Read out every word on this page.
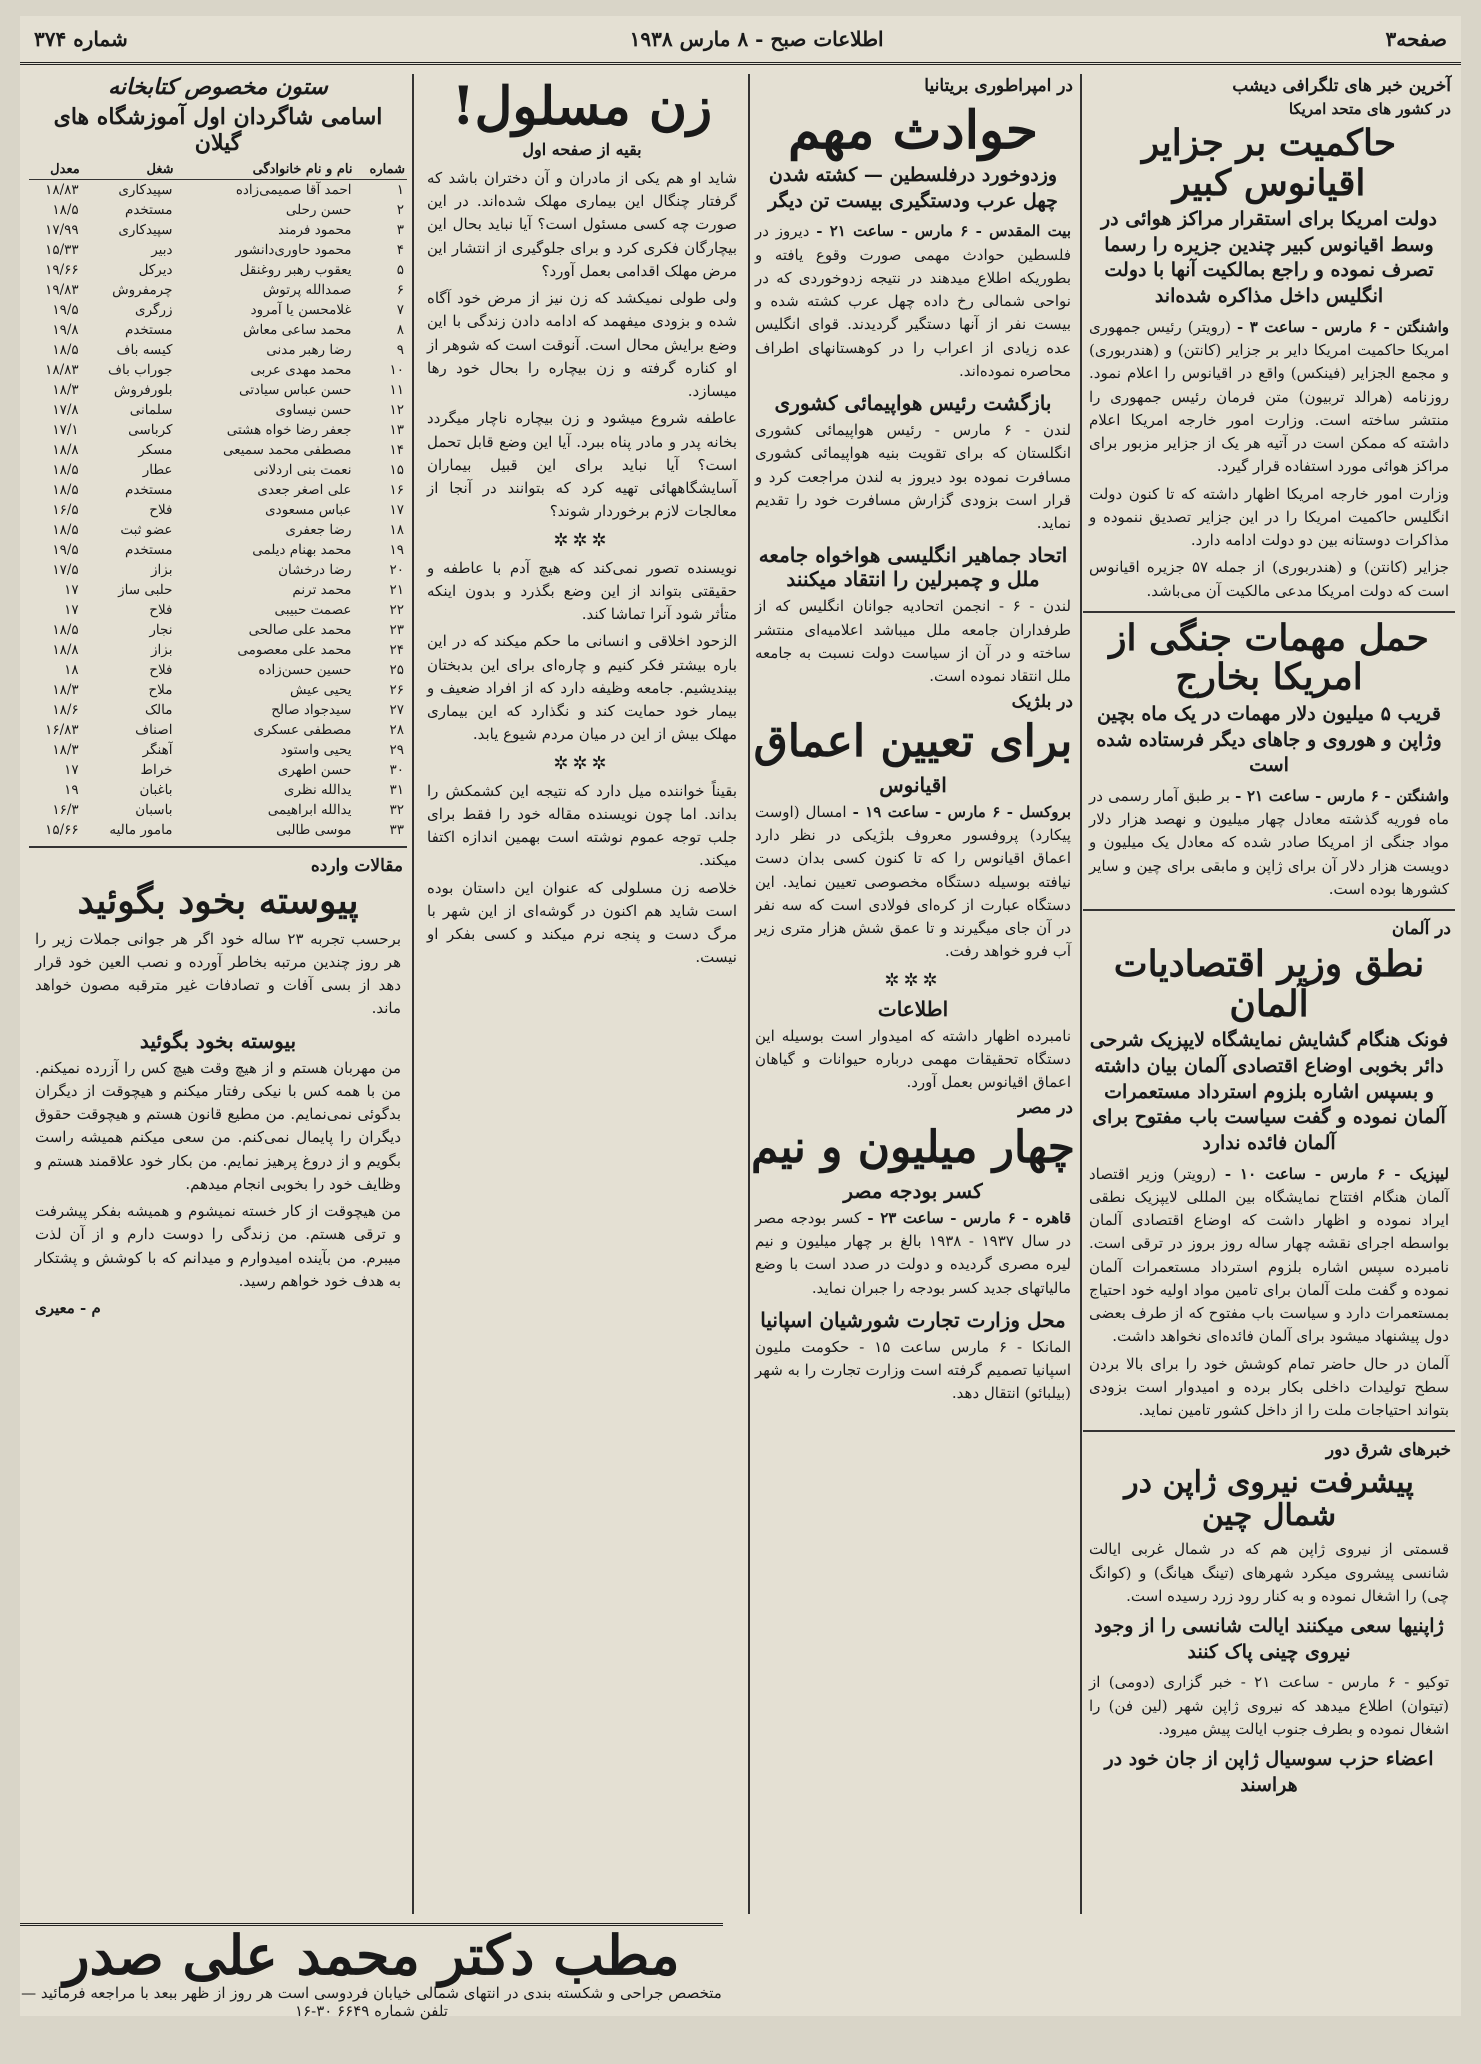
صفحه۳
اطلاعات صبح - ۸ مارس ۱۹۳۸
شماره ۳۷۴
آخرین خبر های تلگرافی دیشب
در کشور های متحد امریکا
حاکمیت بر جزایر اقیانوس کبیر
دولت امریکا برای استقرار مراکز هوائی در وسط اقیانوس کبیر چندین جزیره را رسما تصرف نموده و راجع بمالکیت آنها با دولت انگلیس داخل مذاکره شده‌اند
واشنگتن - ۶ مارس - ساعت ۳ - (رویتر) رئیس جمهوری امریکا حاکمیت امریکا دایر بر جزایر (کانتن) و (هندربوری) و مجمع الجزایر (فینکس) واقع در اقیانوس را اعلام نمود. روزنامه (هرالد تربیون) متن فرمان رئیس جمهوری را منتشر ساخته است. وزارت امور خارجه امریکا اعلام داشته که ممکن است در آتیه هر یک از جزایر مزبور برای مراکز هوائی مورد استفاده قرار گیرد.
وزارت امور خارجه امریکا اظهار داشته که تا کنون دولت انگلیس حاکمیت امریکا را در این جزایر تصدیق ننموده و مذاکرات دوستانه بین دو دولت ادامه دارد.
جزایر (کانتن) و (هندربوری) از جمله ۵۷ جزیره اقیانوس است که دولت امریکا مدعی مالکیت آن می‌باشد.
حمل مهمات جنگی از امریکا بخارج
قریب ۵ میلیون دلار مهمات در یک ماه بچین وژاپن و هوروی و جاهای دیگر فرستاده شده است
واشنگتن - ۶ مارس - ساعت ۲۱ - بر طبق آمار رسمی در ماه فوریه گذشته معادل چهار میلیون و نهصد هزار دلار مواد جنگی از امریکا صادر شده که معادل یک میلیون و دویست هزار دلار آن برای ژاپن و مابقی برای چین و سایر کشورها بوده است.
در آلمان
نطق وزیر اقتصادیات آلمان
فونک هنگام گشایش نمایشگاه لایپزیک شرحی دائر بخوبی اوضاع اقتصادی آلمان بیان داشته و بسپس اشاره بلزوم استرداد مستعمرات آلمان نموده و گفت سیاست باب مفتوح برای آلمان فائده ندارد
لیپزیک - ۶ مارس - ساعت ۱۰ - (رویتر) وزیر اقتصاد آلمان هنگام افتتاح نمایشگاه بین المللی لایپزیک نطقی ایراد نموده و اظهار داشت که اوضاع اقتصادی آلمان بواسطه اجرای نقشه چهار ساله روز بروز در ترقی است. نامبرده سپس اشاره بلزوم استرداد مستعمرات آلمان نموده و گفت ملت آلمان برای تامین مواد اولیه خود احتیاج بمستعمرات دارد و سیاست باب مفتوح که از طرف بعضی دول پیشنهاد میشود برای آلمان فائده‌ای نخواهد داشت.
آلمان در حال حاضر تمام کوشش خود را برای بالا بردن سطح تولیدات داخلی بکار برده و امیدوار است بزودی بتواند احتیاجات ملت را از داخل کشور تامین نماید.
خبرهای شرق دور
پیشرفت نیروی ژاپن در شمال چین
قسمتی از نیروی ژاپن هم که در شمال غربی ایالت شانسی پیشروی میکرد شهرهای (تینگ هیانگ) و (کوانگ چی) را اشغال نموده و به کنار رود زرد رسیده است.
ژاپنیها سعی میکنند ایالت شانسی را از وجود نیروی چینی پاک کنند
توکیو - ۶ مارس - ساعت ۲۱ - خبر گزاری (دومی) از (تیتوان) اطلاع میدهد که نیروی ژاپن شهر (لین فن) را اشغال نموده و بطرف جنوب ایالت پیش میرود.
اعضاء حزب سوسیال ژاپن از جان خود در هراسند
در امپراطوری بریتانیا
حوادث مهم
وزدوخورد درفلسطین — کشته شدن چهل عرب ودستگیری بیست تن دیگر
بیت المقدس - ۶ مارس - ساعت ۲۱ - دیروز در فلسطین حوادث مهمی صورت وقوع یافته و بطوریکه اطلاع میدهند در نتیجه زدوخوردی که در نواحی شمالی رخ داده چهل عرب کشته شده و بیست نفر از آنها دستگیر گردیدند. قوای انگلیس عده زیادی از اعراب را در کوهستانهای اطراف محاصره نموده‌اند.
بازگشت رئیس هواپیمائی کشوری
لندن - ۶ مارس - رئیس هواپیمائی کشوری انگلستان که برای تقویت بنیه هواپیمائی کشوری مسافرت نموده بود دیروز به لندن مراجعت کرد و قرار است بزودی گزارش مسافرت خود را تقدیم نماید.
اتحاد جماهیر انگلیسی هواخواه جامعه ملل و چمبرلین را انتقاد میکنند
لندن - ۶ - انجمن اتحادیه جوانان انگلیس که از طرفداران جامعه ملل میباشد اعلامیه‌ای منتشر ساخته و در آن از سیاست دولت نسبت به جامعه ملل انتقاد نموده است.
در بلژیک
برای تعیین اعماق
اقیانوس
بروکسل - ۶ مارس - ساعت ۱۹ - امسال (اوست پیکارد) پروفسور معروف بلژیکی در نظر دارد اعماق اقیانوس را که تا کنون کسی بدان دست نیافته بوسیله دستگاه مخصوصی تعیین نماید. این دستگاه عبارت از کره‌ای فولادی است که سه نفر در آن جای میگیرند و تا عمق شش هزار متری زیر آب فرو خواهد رفت.
✲✲✲
اطلاعات
نامبرده اظهار داشته که امیدوار است بوسیله این دستگاه تحقیقات مهمی درباره حیوانات و گیاهان اعماق اقیانوس بعمل آورد.
در مصر
چهار میلیون و نیم
کسر بودجه مصر
قاهره - ۶ مارس - ساعت ۲۳ - کسر بودجه مصر در سال ۱۹۳۷ - ۱۹۳۸ بالغ بر چهار میلیون و نیم لیره مصری گردیده و دولت در صدد است با وضع مالیاتهای جدید کسر بودجه را جبران نماید.
محل وزارت تجارت شورشیان اسپانیا
المانکا - ۶ مارس ساعت ۱۵ - حکومت ملیون اسپانیا تصمیم گرفته است وزارت تجارت را به شهر (بیلبائو) انتقال دهد.
زن مسلول!
بقیه از صفحه اول
شاید او هم یکی از مادران و آن دختران باشد که گرفتار چنگال این بیماری مهلک شده‌اند. در این صورت چه کسی مسئول است؟ آیا نباید بحال این بیچارگان فکری کرد و برای جلوگیری از انتشار این مرض مهلک اقدامی بعمل آورد؟
ولی طولی نمیکشد که زن نیز از مرض خود آگاه شده و بزودی میفهمد که ادامه دادن زندگی با این وضع برایش محال است. آنوقت است که شوهر از او کناره گرفته و زن بیچاره را بحال خود رها میسازد.
عاطفه شروع میشود و زن بیچاره ناچار میگردد بخانه پدر و مادر پناه ببرد. آیا این وضع قابل تحمل است؟ آیا نباید برای این قبیل بیماران آسایشگاههائی تهیه کرد که بتوانند در آنجا از معالجات لازم برخوردار شوند؟
✲✲✲
نویسنده تصور نمی‌کند که هیچ آدم با عاطفه و حقیقتی بتواند از این وضع بگذرد و بدون اینکه متأثر شود آنرا تماشا کند.
الزحود اخلاقی و انسانی ما حکم میکند که در این باره بیشتر فکر کنیم و چاره‌ای برای این بدبختان بیندیشیم. جامعه وظیفه دارد که از افراد ضعیف و بیمار خود حمایت کند و نگذارد که این بیماری مهلک بیش از این در میان مردم شیوع یابد.
✲✲✲
بقیناً خواننده میل دارد که نتیجه این کشمکش را بداند. اما چون نویسنده مقاله خود را فقط برای جلب توجه عموم نوشته است بهمین اندازه اکتفا میکند.
خلاصه زن مسلولی که عنوان این داستان بوده است شاید هم اکنون در گوشه‌ای از این شهر با مرگ دست و پنجه نرم میکند و کسی بفکر او نیست.
ستون مخصوص کتابخانه
اسامی شاگردان اول آموزشگاه های گیلان
شماره	نام و نام خانوادگی	شغل	معدل
۱	احمد آقا صمیمی‌زاده	سپیدکاری	۱۸/۸۳
۲	حسن رحلی	مستخدم	۱۸/۵
۳	محمود فرمند	سپیدکاری	۱۷/۹۹
۴	محمود حاوری‌دانشور	دبیر	۱۵/۳۳
۵	یعقوب رهبر روغنقل	دیرکل	۱۹/۶۶
۶	صمدالله پرتوش	چرمفروش	۱۹/۸۳
۷	غلامحسن یا آمرود	زرگری	۱۹/۵
۸	محمد ساعی معاش	مستخدم	۱۹/۸
۹	رضا رهبر مدنی	کیسه باف	۱۸/۵
۱۰	محمد مهدی عربی	جوراب باف	۱۸/۸۳
۱۱	حسن عباس سیادتی	بلورفروش	۱۸/۳
۱۲	حسن نیساوی	سلمانی	۱۷/۸
۱۳	جعفر رضا خواه هشتی	کرباسی	۱۷/۱
۱۴	مصطفی محمد سمیعی	مسکر	۱۸/۸
۱۵	نعمت بنی اردلانی	عطار	۱۸/۵
۱۶	علی اصغر جعدی	مستخدم	۱۸/۵
۱۷	عباس مسعودی	فلاح	۱۶/۵
۱۸	رضا جعفری	عضو ثبت	۱۸/۵
۱۹	محمد بهنام دیلمی	مستخدم	۱۹/۵
۲۰	رضا درخشان	بزاز	۱۷/۵
۲۱	محمد ترنم	حلبی ساز	۱۷
۲۲	عصمت حبیبی	فلاح	۱۷
۲۳	محمد علی صالحی	نجار	۱۸/۵
۲۴	محمد علی معصومی	بزاز	۱۸/۸
۲۵	حسین حسن‌زاده	فلاح	۱۸
۲۶	یحیی عیش	ملاح	۱۸/۳
۲۷	سیدجواد صالح	مالک	۱۸/۶
۲۸	مصطفی عسکری	اصناف	۱۶/۸۳
۲۹	یحیی واستود	آهنگر	۱۸/۳
۳۰	حسن اطهری	خراط	۱۷
۳۱	یدالله نظری	باغبان	۱۹
۳۲	یدالله ابراهیمی	باسبان	۱۶/۳
۳۳	موسی طالبی	مامور مالیه	۱۵/۶۶
مقالات وارده
پیوسته بخود بگوئید
برحسب تجربه ۲۳ ساله خود اگر هر جوانی جملات زیر را هر روز چندین مرتبه بخاطر آورده و نصب العین خود قرار دهد از بسی آفات و تصادفات غیر مترقبه مصون خواهد ماند.
بیوسته بخود بگوئید
من مهربان هستم و از هیچ وقت هیچ کس را آزرده نمیکنم. من با همه کس با نیکی رفتار میکنم و هیچوقت از دیگران بدگوئی نمی‌نمایم. من مطیع قانون هستم و هیچوقت حقوق دیگران را پایمال نمی‌کنم. من سعی میکنم همیشه راست بگویم و از دروغ پرهیز نمایم. من بکار خود علاقمند هستم و وظایف خود را بخوبی انجام میدهم.
من هیچوقت از کار خسته نمیشوم و همیشه بفکر پیشرفت و ترقی هستم. من زندگی را دوست دارم و از آن لذت میبرم. من بآینده امیدوارم و میدانم که با کوشش و پشتکار به هدف خود خواهم رسید.
م - معیری
مطب دکتر محمد علی صدر
متخصص جراحی و شکسته بندی در انتهای شمالی خیابان فردوسی است هر روز از ظهر ببعد با مراجعه فرمائید — تلفن شماره ۶۶۴۹ ۳۰-۱۶
